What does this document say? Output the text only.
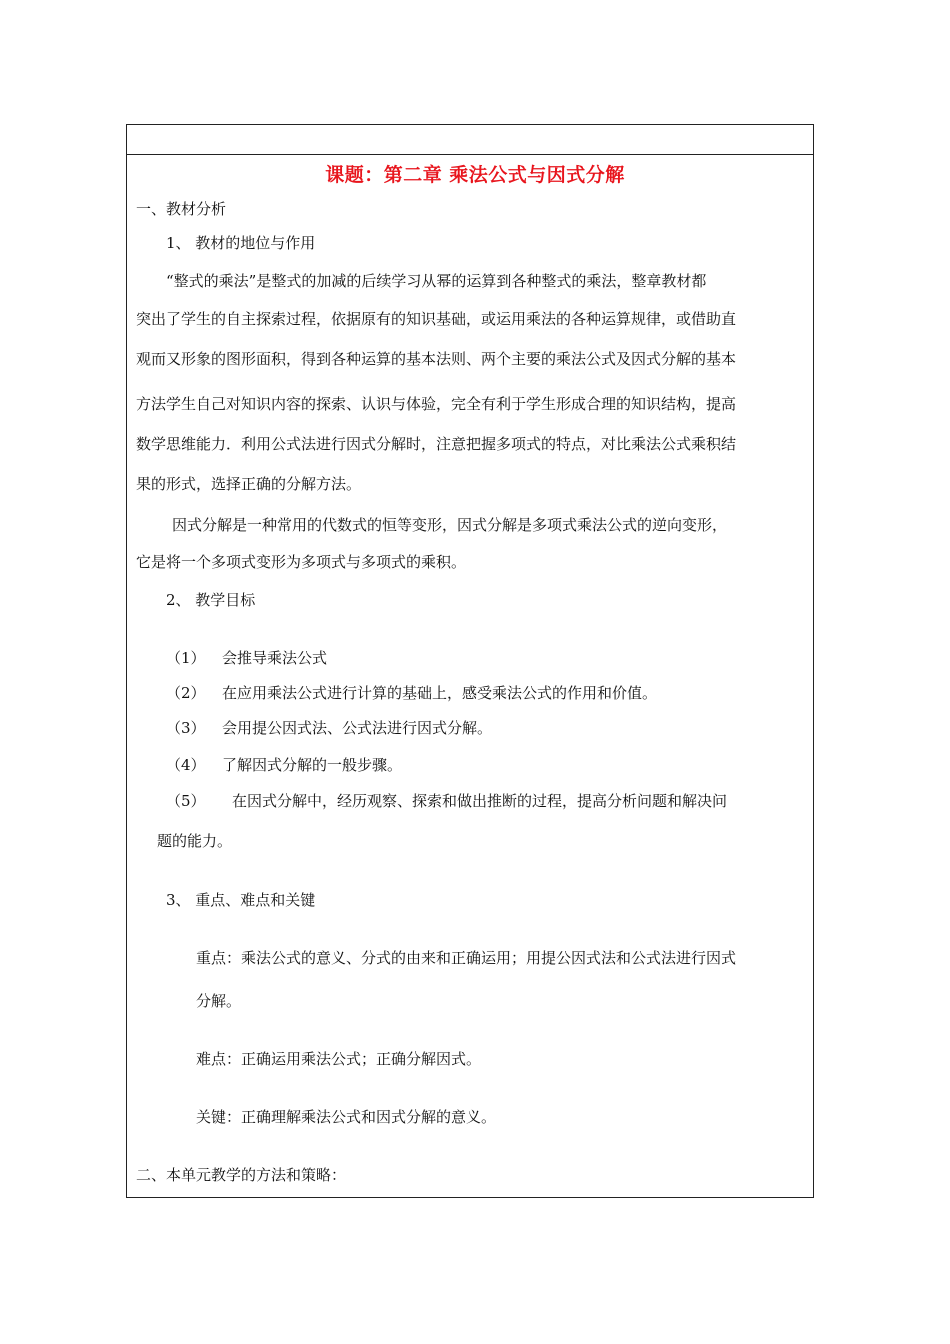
课题：第二章 乘法公式与因式分解
一、教材分析
1、 教材的地位与作用
“整式的乘法”是整式的加减的后续学习从幂的运算到各种整式的乘法，整章教材都
突出了学生的自主探索过程，依据原有的知识基础，或运用乘法的各种运算规律，或借助直
观而又形象的图形面积，得到各种运算的基本法则、两个主要的乘法公式及因式分解的基本
方法学生自己对知识内容的探索、认识与体验，完全有利于学生形成合理的知识结构，提高
数学思维能力．利用公式法进行因式分解时，注意把握多项式的特点，对比乘法公式乘积结
果的形式，选择正确的分解方法。
因式分解是一种常用的代数式的恒等变形，因式分解是多项式乘法公式的逆向变形，
它是将一个多项式变形为多项式与多项式的乘积。
2、 教学目标
（1） 会推导乘法公式
（2） 在应用乘法公式进行计算的基础上，感受乘法公式的作用和价值。
（3） 会用提公因式法、公式法进行因式分解。
（4） 了解因式分解的一般步骤。
（5） 在因式分解中，经历观察、探索和做出推断的过程，提高分析问题和解决问
题的能力。
3、 重点、难点和关键
重点：乘法公式的意义、分式的由来和正确运用；用提公因式法和公式法进行因式
分解。
难点：正确运用乘法公式；正确分解因式。
关键：正确理解乘法公式和因式分解的意义。
二、本单元教学的方法和策略：
